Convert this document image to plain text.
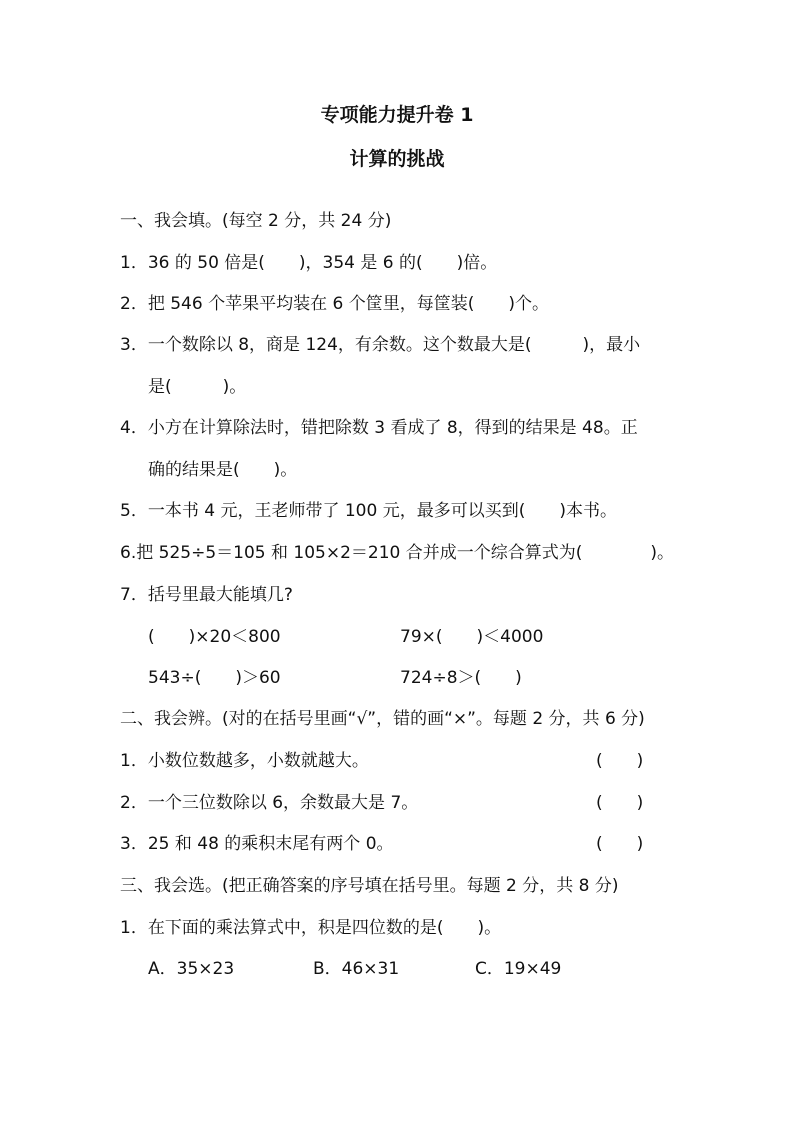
专项能力提升卷 1
计算的挑战

一、我会填。(每空 2 分，共 24 分)

1．36 的 50 倍是(　　)，354 是 6 的(　　)倍。

2．把 546 个苹果平均装在 6 个筐里，每筐装(　　)个。

3．一个数除以 8，商是 124，有余数。这个数最大是(　　　)，最小

是(　　　)。

4．小方在计算除法时，错把除数 3 看成了 8，得到的结果是 48。正

确的结果是(　　)。

5．一本书 4 元，王老师带了 100 元，最多可以买到(　　)本书。

6.把 525÷5＝105 和 105×2＝210 合并成一个综合算式为(　　　　)。

7．括号里最大能填几?

(　　)×20＜800	79×(　　)＜4000

543÷(　　)＞60	724÷8＞(　　)

二、我会辨。(对的在括号里画“√”，错的画“×”。每题 2 分，共 6 分)

1．小数位数越多，小数就越大。	(　　)

2．一个三位数除以 6，余数最大是 7。	(　　)

3．25 和 48 的乘积末尾有两个 0。	(　　)

三、我会选。(把正确答案的序号填在括号里。每题 2 分，共 8 分)

1．在下面的乘法算式中，积是四位数的是(　　)。

A．35×23	B．46×31	C．19×49
